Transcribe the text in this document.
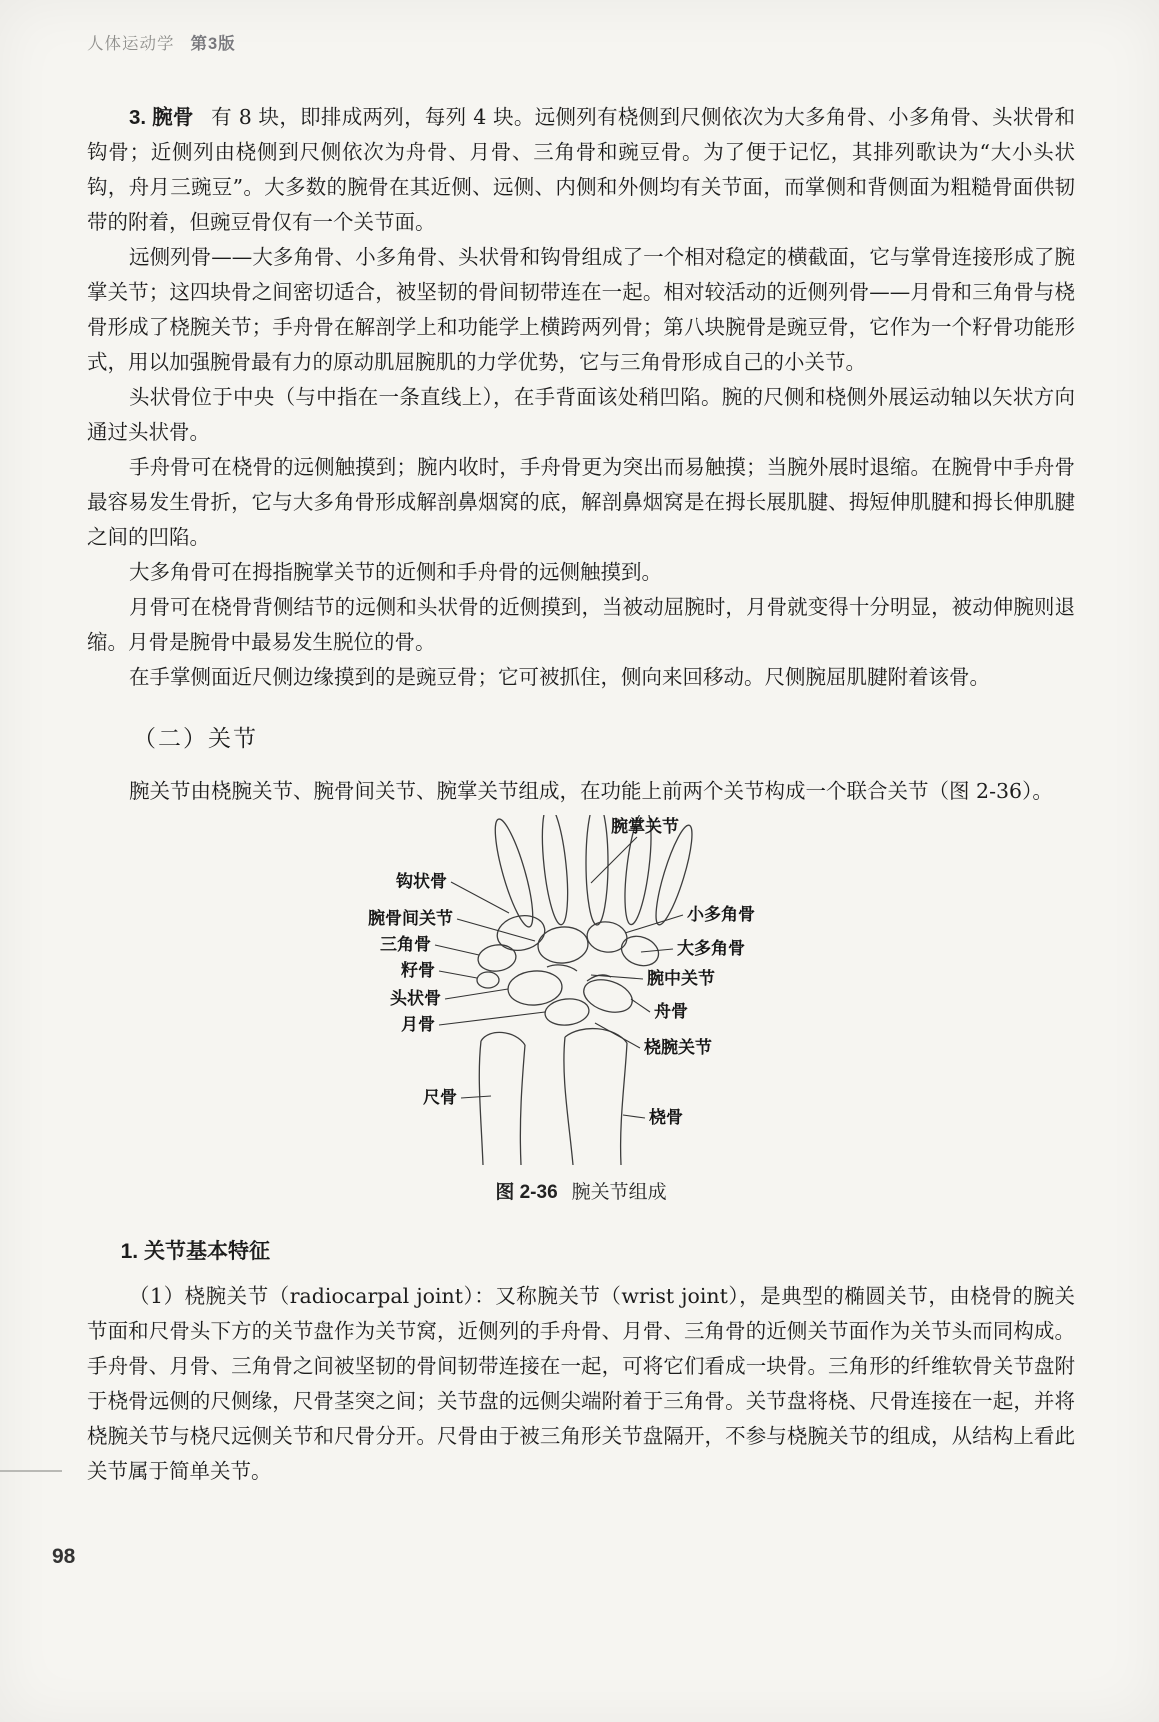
人体运动学 第3版

3. 腕骨 有 8 块，即排成两列，每列 4 块。远侧列有桡侧到尺侧依次为大多角骨、小多角骨、头状骨和钩骨；近侧列由桡侧到尺侧依次为舟骨、月骨、三角骨和豌豆骨。为了便于记忆，其排列歌诀为“大小头状钩，舟月三豌豆”。大多数的腕骨在其近侧、远侧、内侧和外侧均有关节面，而掌侧和背侧面为粗糙骨面供韧带的附着，但豌豆骨仅有一个关节面。

远侧列骨——大多角骨、小多角骨、头状骨和钩骨组成了一个相对稳定的横截面，它与掌骨连接形成了腕掌关节；这四块骨之间密切适合，被坚韧的骨间韧带连在一起。相对较活动的近侧列骨——月骨和三角骨与桡骨形成了桡腕关节；手舟骨在解剖学上和功能学上横跨两列骨；第八块腕骨是豌豆骨，它作为一个籽骨功能形式，用以加强腕骨最有力的原动肌屈腕肌的力学优势，它与三角骨形成自己的小关节。

头状骨位于中央（与中指在一条直线上），在手背面该处稍凹陷。腕的尺侧和桡侧外展运动轴以矢状方向通过头状骨。

手舟骨可在桡骨的远侧触摸到；腕内收时，手舟骨更为突出而易触摸；当腕外展时退缩。在腕骨中手舟骨最容易发生骨折，它与大多角骨形成解剖鼻烟窝的底，解剖鼻烟窝是在拇长展肌腱、拇短伸肌腱和拇长伸肌腱之间的凹陷。

大多角骨可在拇指腕掌关节的近侧和手舟骨的远侧触摸到。

月骨可在桡骨背侧结节的远侧和头状骨的近侧摸到，当被动屈腕时，月骨就变得十分明显，被动伸腕则退缩。月骨是腕骨中最易发生脱位的骨。

在手掌侧面近尺侧边缘摸到的是豌豆骨；它可被抓住，侧向来回移动。尺侧腕屈肌腱附着该骨。

（二）关节

腕关节由桡腕关节、腕骨间关节、腕掌关节组成，在功能上前两个关节构成一个联合关节（图 2-36）。

腕掌关节
钩状骨
腕骨间关节
三角骨
籽骨
头状骨
月骨
尺骨
小多角骨
大多角骨
腕中关节
舟骨
桡腕关节
桡骨
图 2-36 腕关节组成
1. 关节基本特征

（1）桡腕关节（radiocarpal joint）：又称腕关节（wrist joint），是典型的椭圆关节，由桡骨的腕关节面和尺骨头下方的关节盘作为关节窝，近侧列的手舟骨、月骨、三角骨的近侧关节面作为关节头而同构成。手舟骨、月骨、三角骨之间被坚韧的骨间韧带连接在一起，可将它们看成一块骨。三角形的纤维软骨关节盘附于桡骨远侧的尺侧缘，尺骨茎突之间；关节盘的远侧尖端附着于三角骨。关节盘将桡、尺骨连接在一起，并将桡腕关节与桡尺远侧关节和尺骨分开。尺骨由于被三角形关节盘隔开，不参与桡腕关节的组成，从结构上看此关节属于简单关节。

98
